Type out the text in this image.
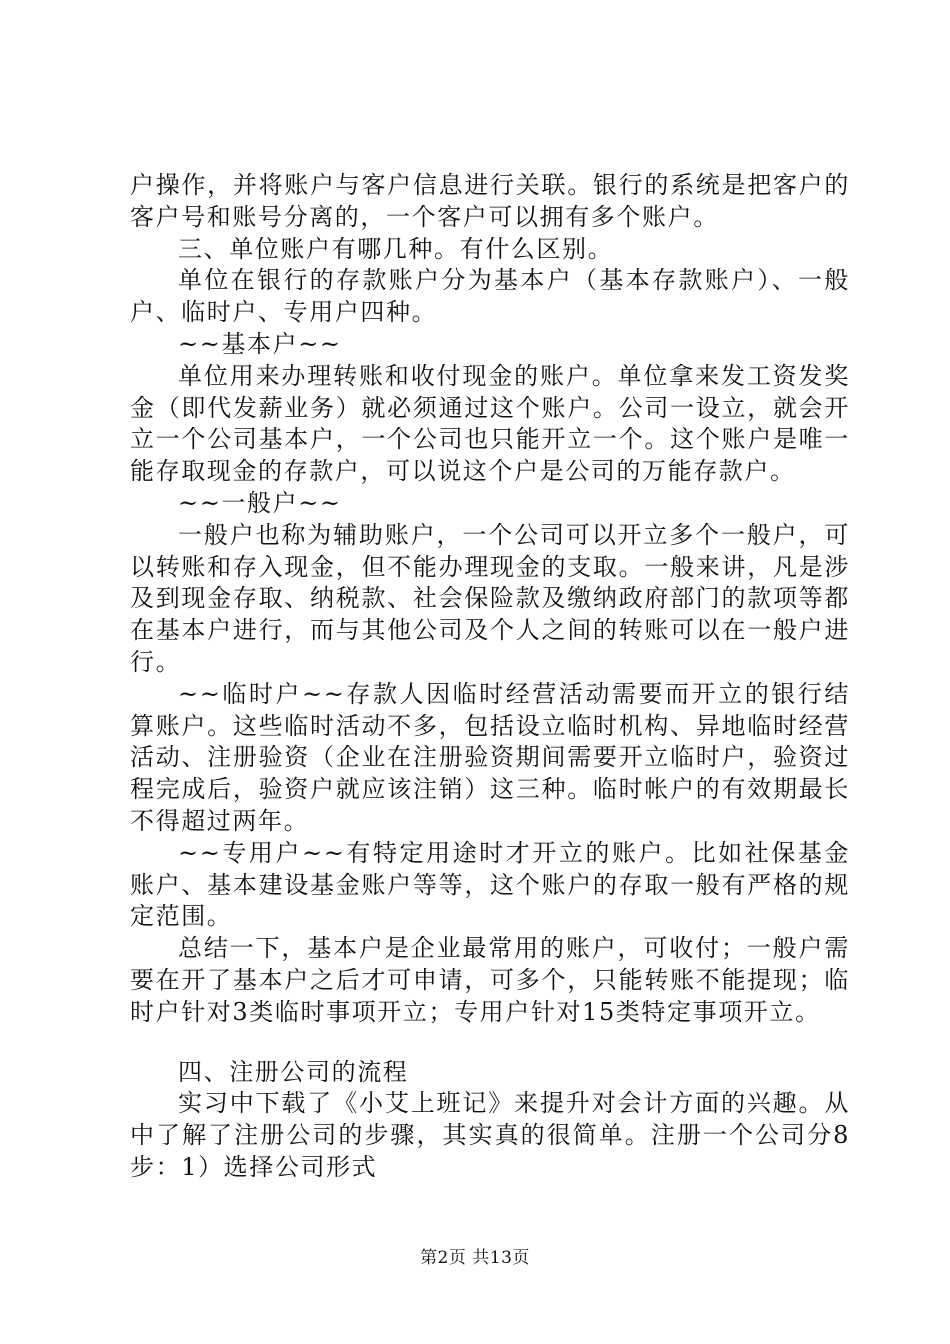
户操作，并将账户与客户信息进行关联。银行的系统是把客户的客户号和账号分离的，一个客户可以拥有多个账户。

三、单位账户有哪几种。有什么区别。

单位在银行的存款账户分为基本户（基本存款账户）、一般户、临时户、专用户四种。

~~基本户~~

单位用来办理转账和收付现金的账户。单位拿来发工资发奖金（即代发薪业务）就必须通过这个账户。公司一设立，就会开立一个公司基本户，一个公司也只能开立一个。这个账户是唯一能存取现金的存款户，可以说这个户是公司的万能存款户。

~~一般户~~

一般户也称为辅助账户，一个公司可以开立多个一般户，可以转账和存入现金，但不能办理现金的支取。一般来讲，凡是涉及到现金存取、纳税款、社会保险款及缴纳政府部门的款项等都在基本户进行，而与其他公司及个人之间的转账可以在一般户进行。

~~临时户~~存款人因临时经营活动需要而开立的银行结算账户。这些临时活动不多，包括设立临时机构、异地临时经营活动、注册验资（企业在注册验资期间需要开立临时户，验资过程完成后，验资户就应该注销）这三种。临时帐户的有效期最长不得超过两年。

~~专用户~~有特定用途时才开立的账户。比如社保基金账户、基本建设基金账户等等，这个账户的存取一般有严格的规定范围。

总结一下，基本户是企业最常用的账户，可收付；一般户需要在开了基本户之后才可申请，可多个，只能转账不能提现；临时户针对3类临时事项开立；专用户针对15类特定事项开立。

四、注册公司的流程

实习中下载了《小艾上班记》来提升对会计方面的兴趣。从中了解了注册公司的步骤，其实真的很简单。注册一个公司分8步：1）选择公司形式

第2页 共13页
